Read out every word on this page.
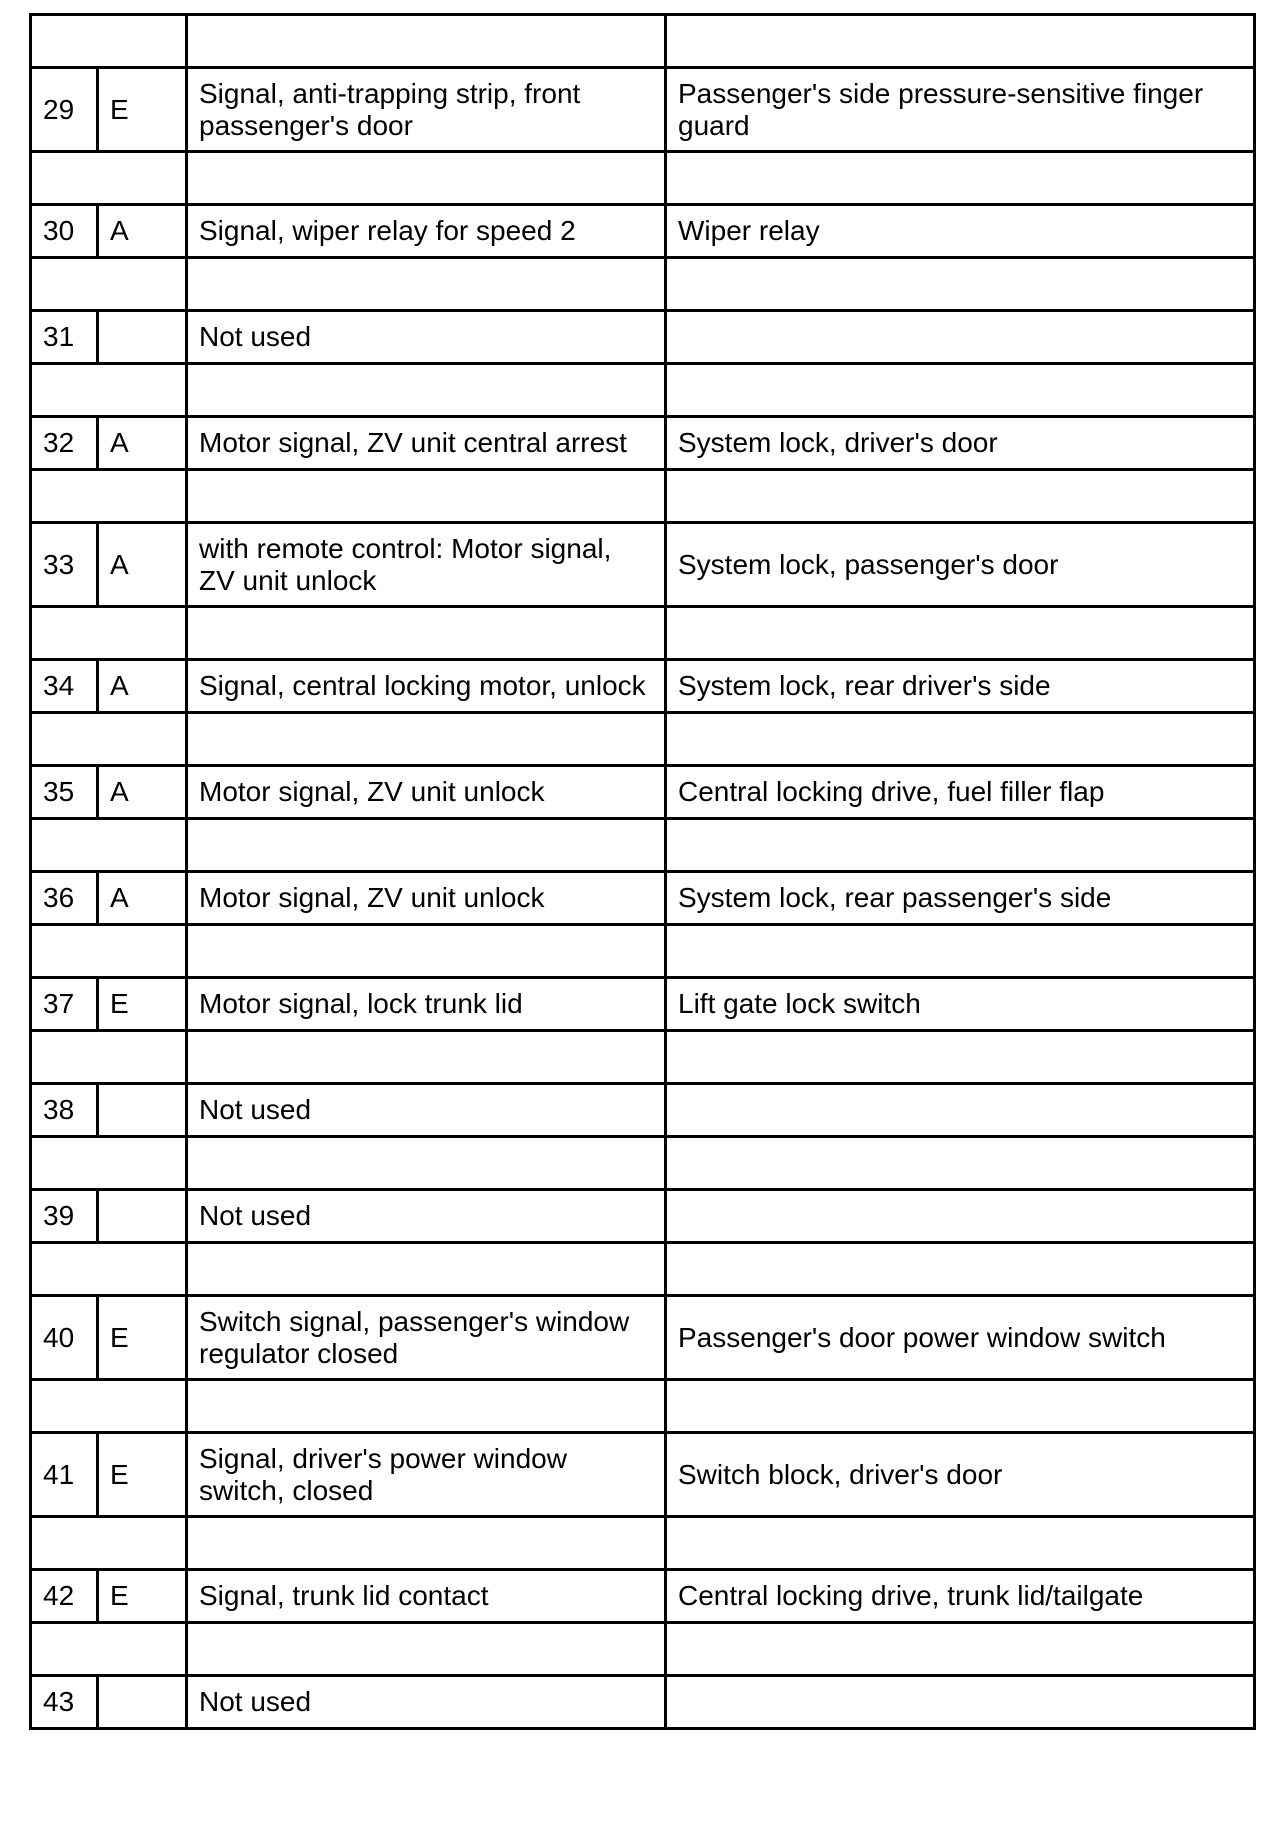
29	E	Signal, anti-trapping strip, front passenger's door	Passenger's side pressure-sensitive finger guard

30	A	Signal, wiper relay for speed 2	Wiper relay

31		Not used	

32	A	Motor signal, ZV unit central arrest	System lock, driver's door

33	A	with remote control: Motor signal, ZV unit unlock	System lock, passenger's door

34	A	Signal, central locking motor, unlock	System lock, rear driver's side

35	A	Motor signal, ZV unit unlock	Central locking drive, fuel filler flap

36	A	Motor signal, ZV unit unlock	System lock, rear passenger's side

37	E	Motor signal, lock trunk lid	Lift gate lock switch

38		Not used	

39		Not used	

40	E	Switch signal, passenger's window regulator closed	Passenger's door power window switch

41	E	Signal, driver's power window switch, closed	Switch block, driver's door

42	E	Signal, trunk lid contact	Central locking drive, trunk lid/tailgate

43		Not used	
